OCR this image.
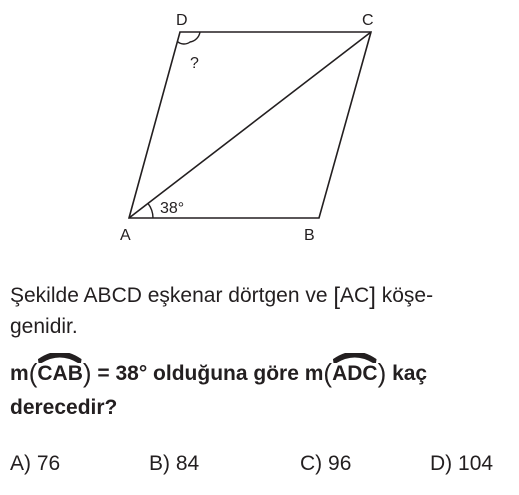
D	C
A	B
38°
?

Şekilde ABCD eşkenar dörtgen ve [AC] köşe-

genidir.

m(
CAB) = 38° olduğuna göre m(
ADC) kaç

derecedir?

A) 76	B) 84	C) 96	D) 104
